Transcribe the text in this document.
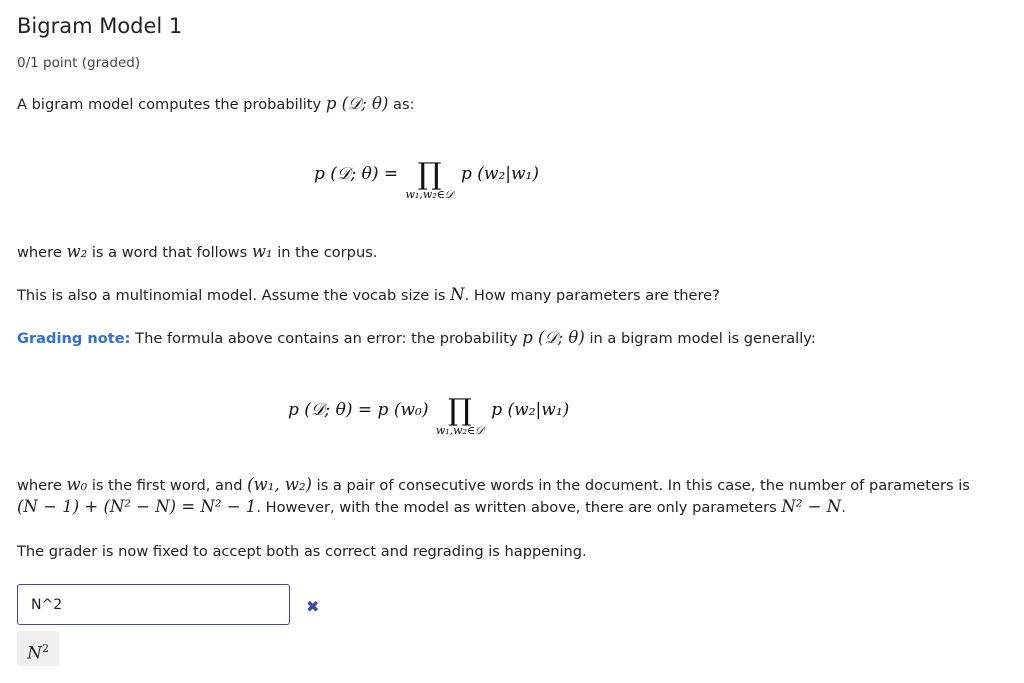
Bigram Model 1
0/1 point (graded)
A bigram model computes the probability p (𝒟; θ) as:
p (𝒟; θ) = ∏
w₁,w₂∈𝒟
p (w₂|w₁)
where w₂ is a word that follows w₁ in the corpus.
This is also a multinomial model. Assume the vocab size is N. How many parameters are there?
Grading note: The formula above contains an error: the probability p (𝒟; θ) in a bigram model is generally:
p (𝒟; θ) = p (w₀) ∏
w₁,w₂∈𝒟
p (w₂|w₁)
where w₀ is the first word, and (w₁, w₂) is a pair of consecutive words in the document. In this case, the number of parameters is
(N − 1) + (N² − N) = N² − 1. However, with the model as written above, there are only parameters N² − N.
The grader is now fixed to accept both as correct and regrading is happening.
N^2
✖
$N^2$
